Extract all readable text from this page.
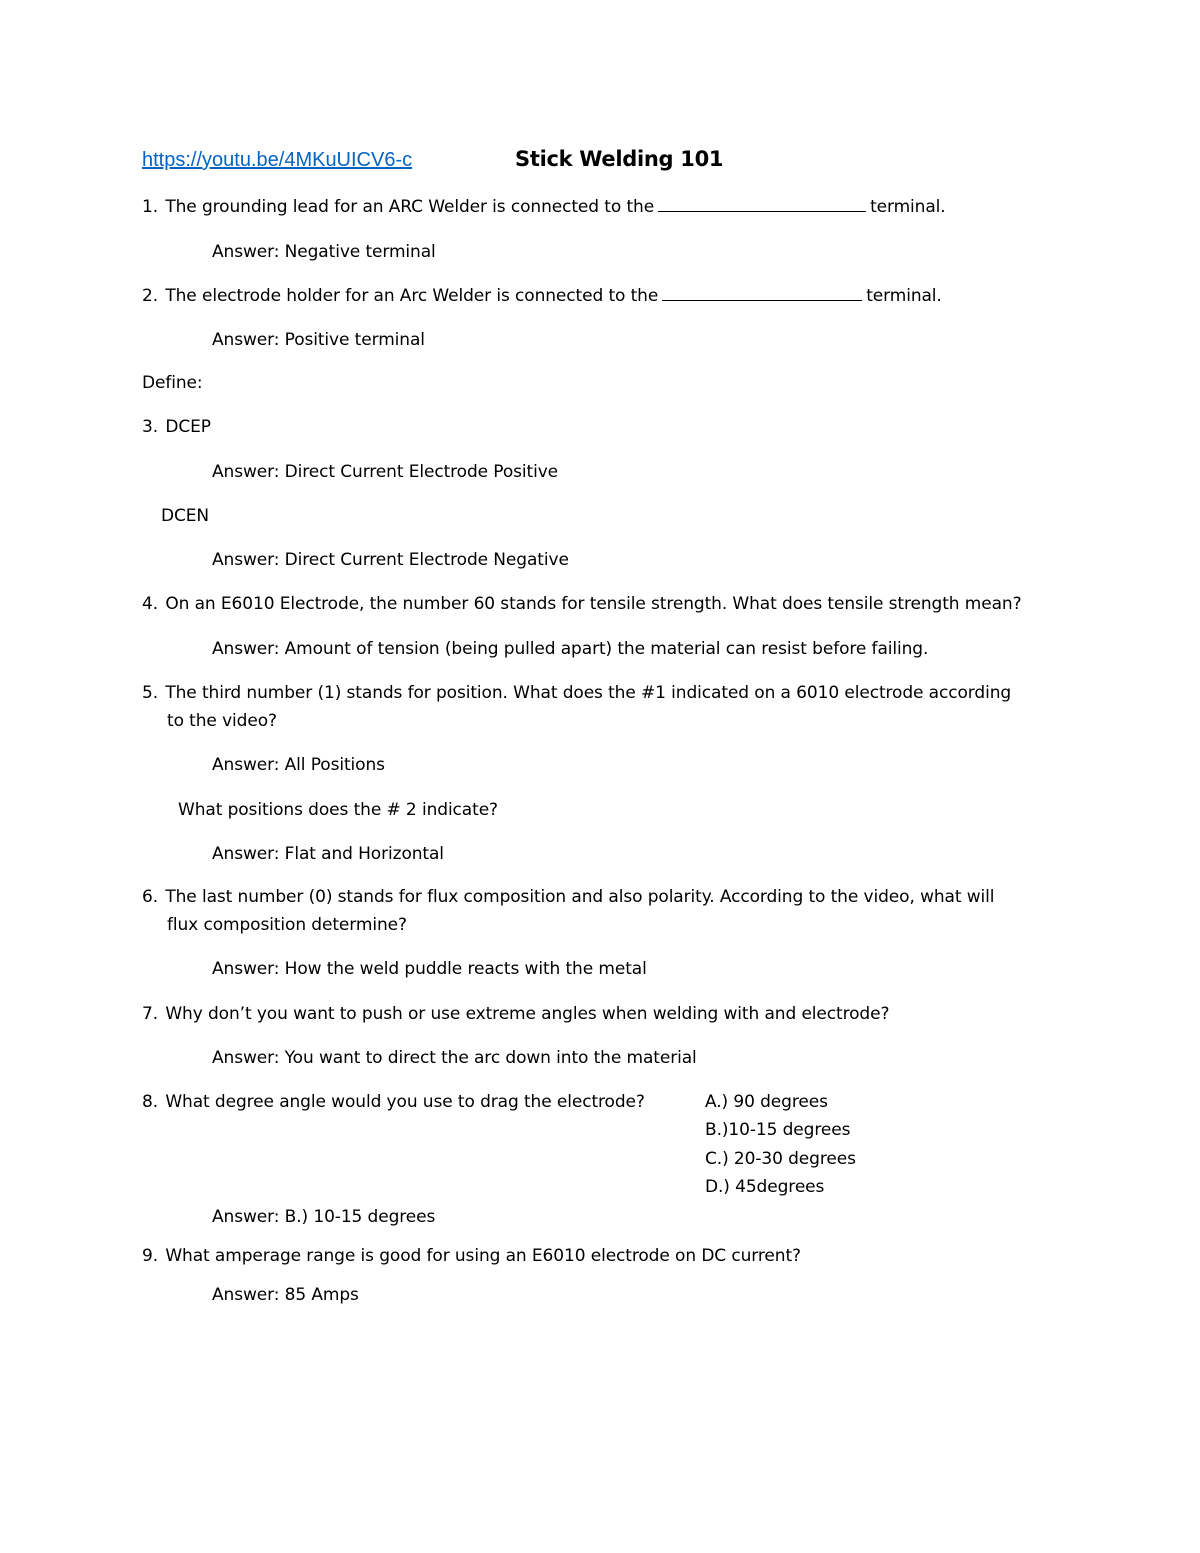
https://youtu.be/4MKuUICV6-c	Stick Welding 101
1. The grounding lead for an ARC Welder is connected to the	terminal.
Answer: Negative terminal
2. The electrode holder for an Arc Welder is connected to the	terminal.
Answer: Positive terminal
Define:
3. DCEP
Answer: Direct Current Electrode Positive
DCEN
Answer: Direct Current Electrode Negative
4. On an E6010 Electrode, the number 60 stands for tensile strength. What does tensile strength mean?
Answer: Amount of tension (being pulled apart) the material can resist before failing.
5. The third number (1) stands for position. What does the #1 indicated on a 6010 electrode according
to the video?
Answer: All Positions
What positions does the # 2 indicate?
Answer: Flat and Horizontal
6. The last number (0) stands for flux composition and also polarity. According to the video, what will
flux composition determine?
Answer: How the weld puddle reacts with the metal
7. Why don’t you want to push or use extreme angles when welding with and electrode?
Answer: You want to direct the arc down into the material
8. What degree angle would you use to drag the electrode?	A.) 90 degrees
B.)10-15 degrees
C.) 20-30 degrees
D.) 45degrees
Answer: B.) 10-15 degrees
9. What amperage range is good for using an E6010 electrode on DC current?
Answer: 85 Amps
